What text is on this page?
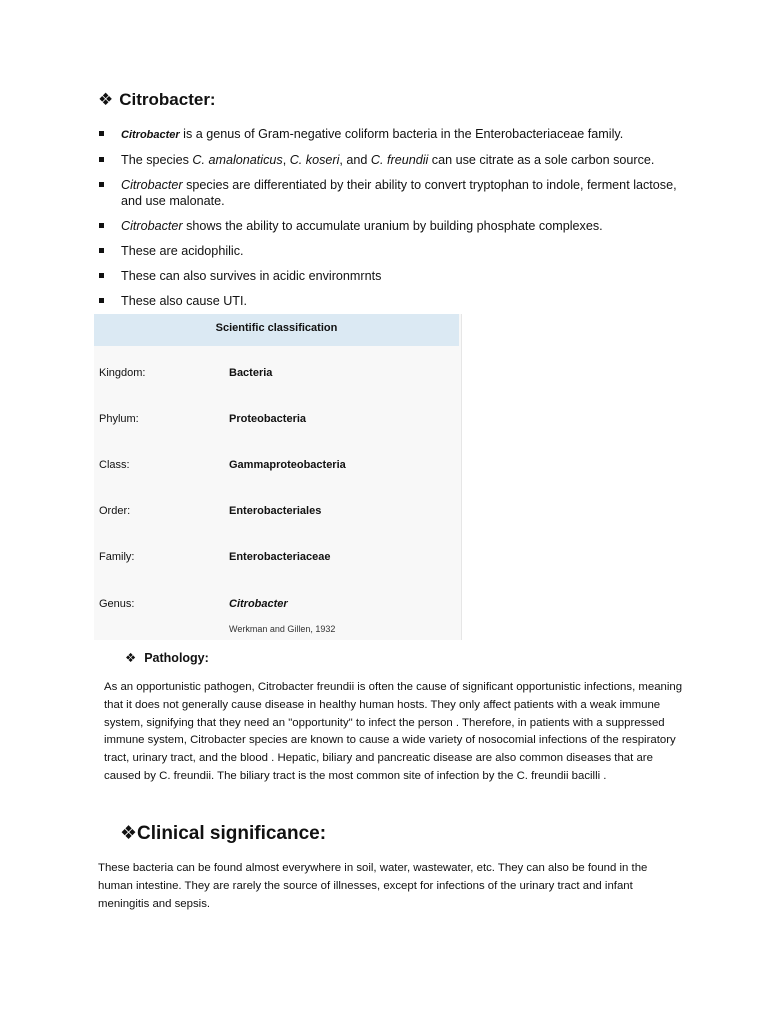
❖ Citrobacter:
Citrobacter is a genus of Gram-negative coliform bacteria in the Enterobacteriaceae family.
The species C. amalonaticus, C. koseri, and C. freundii can use citrate as a sole carbon source.
Citrobacter species are differentiated by their ability to convert tryptophan to indole, ferment lactose, and use malonate.
Citrobacter shows the ability to accumulate uranium by building phosphate complexes.
These are acidophilic.
These can also survives in acidic environmrnts
These also cause UTI.
Scientific classification
Kingdom:	Bacteria
Phylum:	Proteobacteria
Class:	Gammaproteobacteria
Order:	Enterobacteriales
Family:	Enterobacteriaceae
Genus:	Citrobacter
Werkman and Gillen, 1932
❖ Pathology:
As an opportunistic pathogen, Citrobacter freundii is often the cause of significant opportunistic infections, meaning that it does not generally cause disease in healthy human hosts. They only affect patients with a weak immune system, signifying that they need an "opportunity" to infect the person . Therefore, in patients with a suppressed immune system, Citrobacter species are known to cause a wide variety of nosocomial infections of the respiratory tract, urinary tract, and the blood . Hepatic, biliary and pancreatic disease are also common diseases that are caused by C. freundii. The biliary tract is the most common site of infection by the C. freundii bacilli .
❖Clinical significance:
These bacteria can be found almost everywhere in soil, water, wastewater, etc. They can also be found in the human intestine. They are rarely the source of illnesses, except for infections of the urinary tract and infant meningitis and sepsis.
